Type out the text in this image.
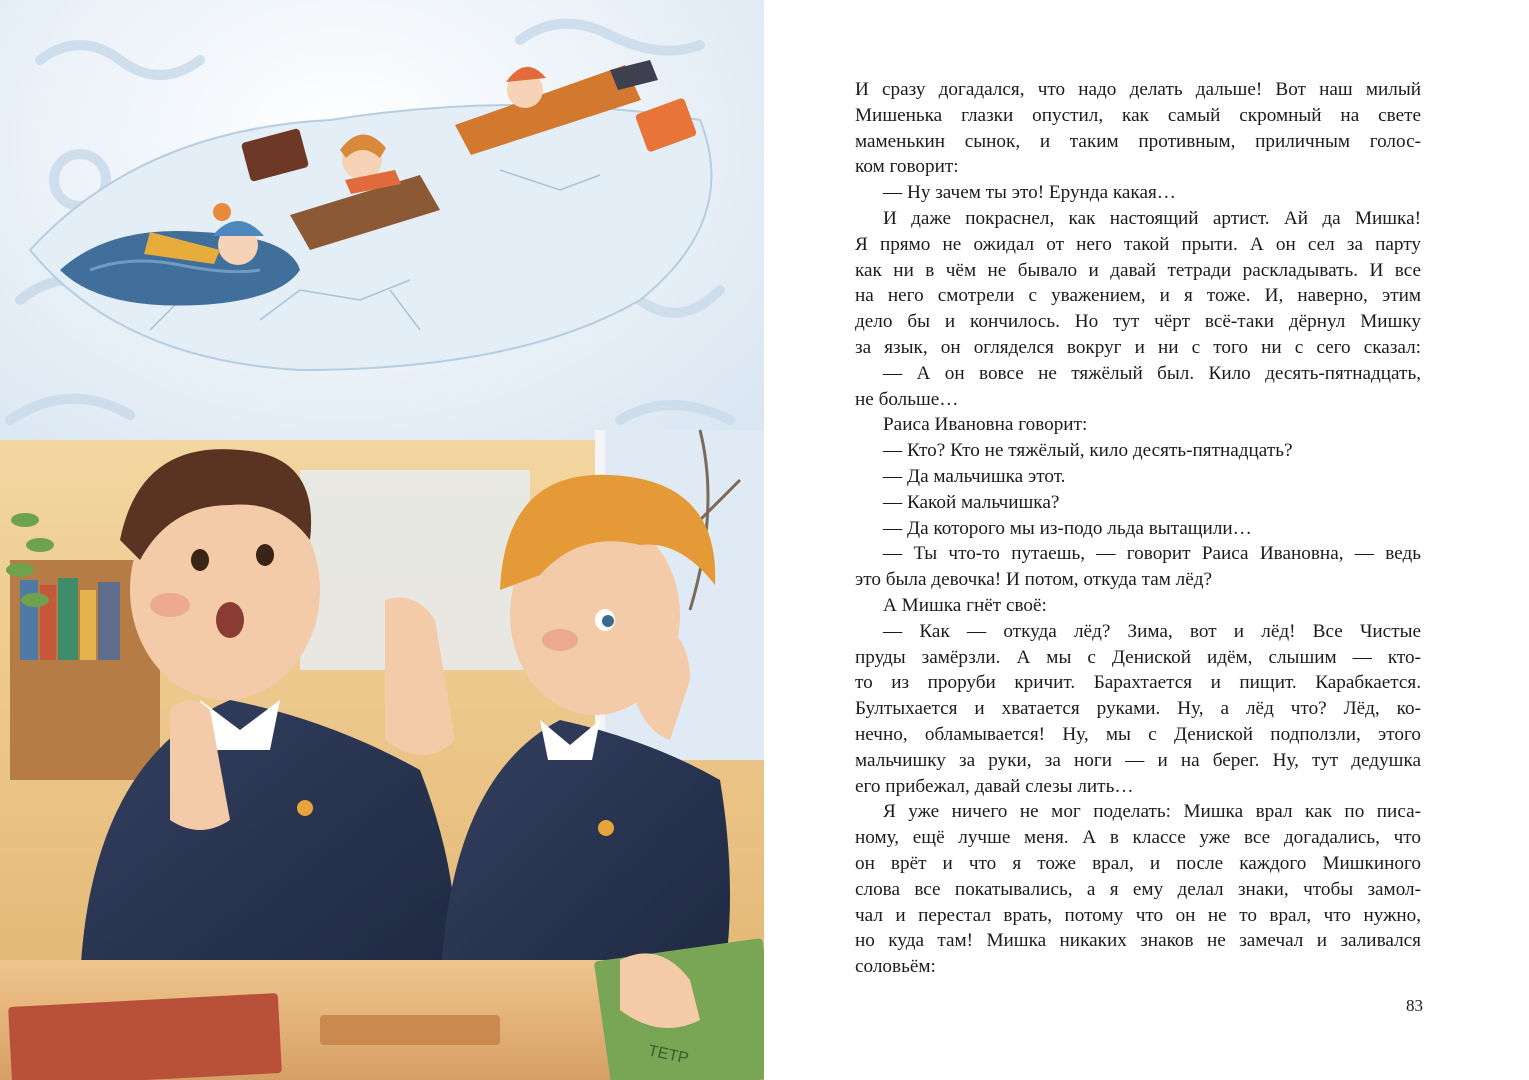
ТЕТР
И сразу догадался, что надо делать дальше! Вот наш милый
Мишенька глазки опустил, как самый скромный на свете
маменькин сынок, и таким противным, приличным голос-
ком говорит:
— Ну зачем ты это! Ерунда какая…
И даже покраснел, как настоящий артист. Ай да Мишка!
Я прямо не ожидал от него такой прыти. А он сел за парту
как ни в чём не бывало и давай тетради раскладывать. И все
на него смотрели с уважением, и я тоже. И, наверно, этим
дело бы и кончилось. Но тут чёрт всё-таки дёрнул Мишку
за язык, он огляделся вокруг и ни с того ни с сего сказал:
— А он вовсе не тяжёлый был. Кило десять-пятнадцать,
не больше…
Раиса Ивановна говорит:
— Кто? Кто не тяжёлый, кило десять-пятнадцать?
— Да мальчишка этот.
— Какой мальчишка?
— Да которого мы из-подо льда вытащили…
— Ты что-то путаешь, — говорит Раиса Ивановна, — ведь
это была девочка! И потом, откуда там лёд?
А Мишка гнёт своё:
— Как — откуда лёд? Зима, вот и лёд! Все Чистые
пруды замёрзли. А мы с Дениской идём, слышим — кто-
то из проруби кричит. Барахтается и пищит. Карабкается.
Бултыхается и хватается руками. Ну, а лёд что? Лёд, ко-
нечно, обламывается! Ну, мы с Дениской подползли, этого
мальчишку за руки, за ноги — и на берег. Ну, тут дедушка
его прибежал, давай слезы лить…
Я уже ничего не мог поделать: Мишка врал как по писа-
ному, ещё лучше меня. А в классе уже все догадались, что
он врёт и что я тоже врал, и после каждого Мишкиного
слова все покатывались, а я ему делал знаки, чтобы замол-
чал и перестал врать, потому что он не то врал, что нужно,
но куда там! Мишка никаких знаков не замечал и заливался
соловьём:
83
